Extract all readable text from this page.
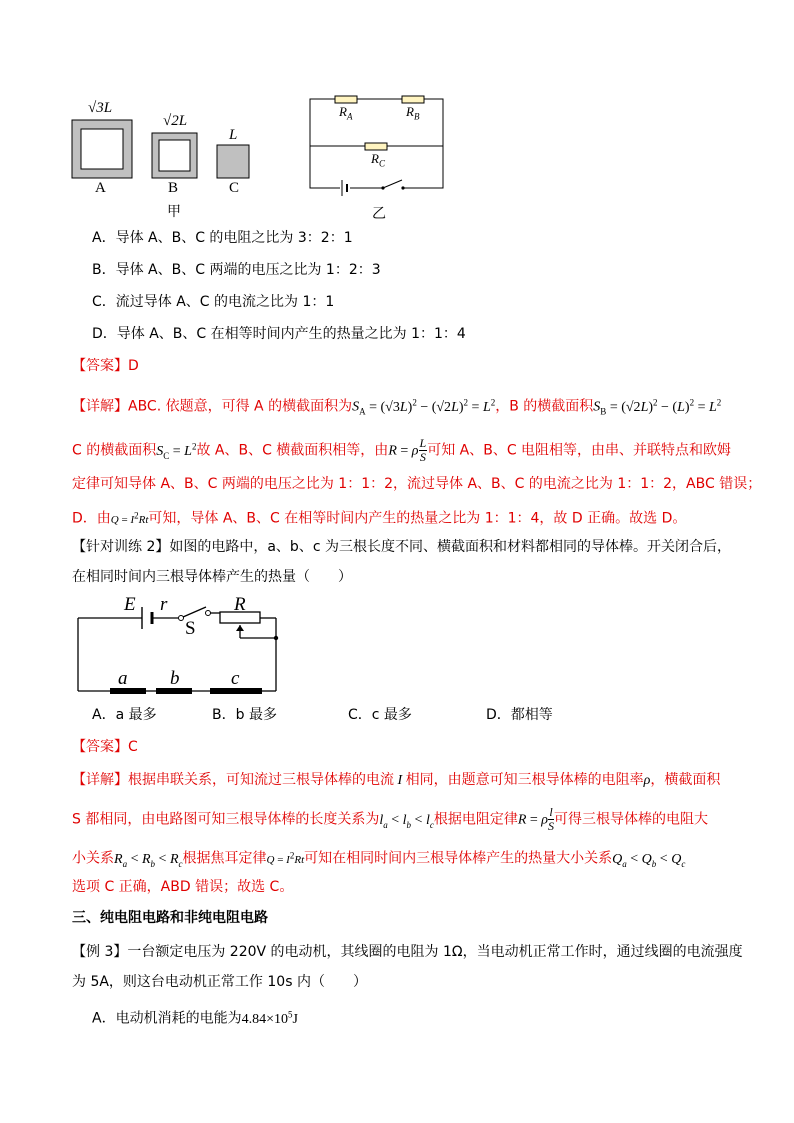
√3L
√2L
L
A	B	C
甲
$R_A$	$R_B$
$R_C$
乙
A．导体 A、B、C 的电阻之比为 3：2：1
B．导体 A、B、C 两端的电压之比为 1：2：3
C．流过导体 A、C 的电流之比为 1：1
D．导体 A、B、C 在相等时间内产生的热量之比为 1：1：4
【答案】D
【详解】ABC. 依题意，可得 A 的横截面积为$S_A = (√3L)^2 - (√2L)^2 = L^2$，B 的横截面积$S_B = (√2L)^2 - (L)^2 = L^2$
C 的横截面积$S_C = L^2$故 A、B、C 横截面积相等，由R = ρ $\frac{L}{S}$ 可知 A、B、C 电阻相等，由串、并联特点和欧姆
定律可知导体 A、B、C 两端的电压之比为 1：1：2，流过导体 A、B、C 的电流之比为 1：1：2，ABC 错误；
D．由$Q = I^2Rt$可知，导体 A、B、C 在相等时间内产生的热量之比为 1：1：4，故 D 正确。故选 D。
【针对训练 2】如图的电路中，a、b、c 为三根长度不同、横截面积和材料都相同的导体棒。开关闭合后，
在相同时间内三根导体棒产生的热量（　　）
E r
S
R
a b	c
A．a 最多	B．b 最多	C．c 最多	D．都相等
【答案】C
【详解】根据串联关系，可知流过三根导体棒的电流 I 相同，由题意可知三根导体棒的电阻率ρ，横截面积
S 都相同，由电路图可知三根导体棒的长度关系为$l_a < l_b < l_c$根据电阻定律R = ρ $\frac{l}{S}$ 可得三根导体棒的电阻大
小关系$R_a < R_b < R_c$根据焦耳定律$Q = I^2Rt$可知在相同时间内三根导体棒产生的热量大小关系$Q_a < Q_b < Q_c$
选项 C 正确，ABD 错误；故选 C。
三、纯电阻电路和非纯电阻电路
【例 3】一台额定电压为 220V 的电动机，其线圈的电阻为 1Ω，当电动机正常工作时，通过线圈的电流强度
为 5A，则这台电动机正常工作 10s 内（　　）
A．电动机消耗的电能为$4.84\times 10^5J$
